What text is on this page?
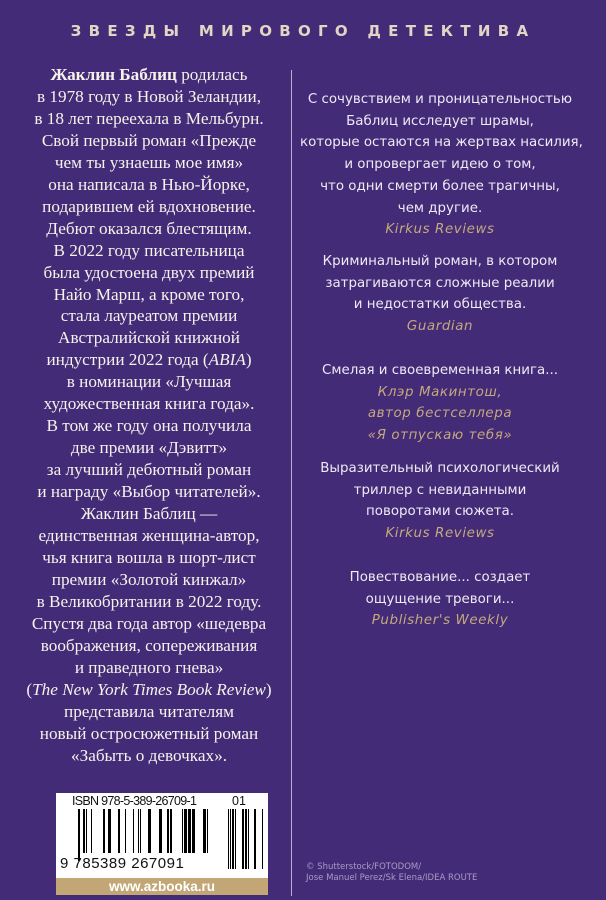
ЗВЕЗДЫ МИРОВОГО ДЕТЕКТИВА
Жаклин Баблиц родилась
в 1978 году в Новой Зеландии,
в 18 лет переехала в Мельбурн.
Свой первый роман «Прежде
чем ты узнаешь мое имя»
она написала в Нью-Йорке,
подарившем ей вдохновение.
Дебют оказался блестящим.
В 2022 году писательница
была удостоена двух премий
Найо Марш, а кроме того,
стала лауреатом премии
Австралийской книжной
индустрии 2022 года (ABIA)
в номинации «Лучшая
художественная книга года».
В том же году она получила
две премии «Дэвитт»
за лучший дебютный роман
и награду «Выбор читателей».
Жаклин Баблиц —
единственная женщина-автор,
чья книга вошла в шорт-лист
премии «Золотой кинжал»
в Великобритании в 2022 году.
Спустя два года автор «шедевра
воображения, сопереживания
и праведного гнева»
(The New York Times Book Review)
представила читателям
новый остросюжетный роман
«Забыть о девочках».
С сочувствием и проницательностью
Баблиц исследует шрамы,
которые остаются на жертвах насилия,
и опровергает идею о том,
что одни смерти более трагичны,
чем другие.
Kirkus Reviews
Криминальный роман, в котором
затрагиваются сложные реалии
и недостатки общества.
Guardian
Смелая и своевременная книга...
Клэр Макинтош,
автор бестселлера
«Я отпускаю тебя»
Выразительный психологический
триллер с невиданными
поворотами сюжета.
Kirkus Reviews
Повествование... создает
ощущение тревоги...
Publisher's Weekly
ISBN 978-5-389-26709-1	01
9 785389 267091
www.azbooka.ru
© Shutterstock/FOTODOM/
Jose Manuel Perez/Sk Elena/IDEA ROUTE
